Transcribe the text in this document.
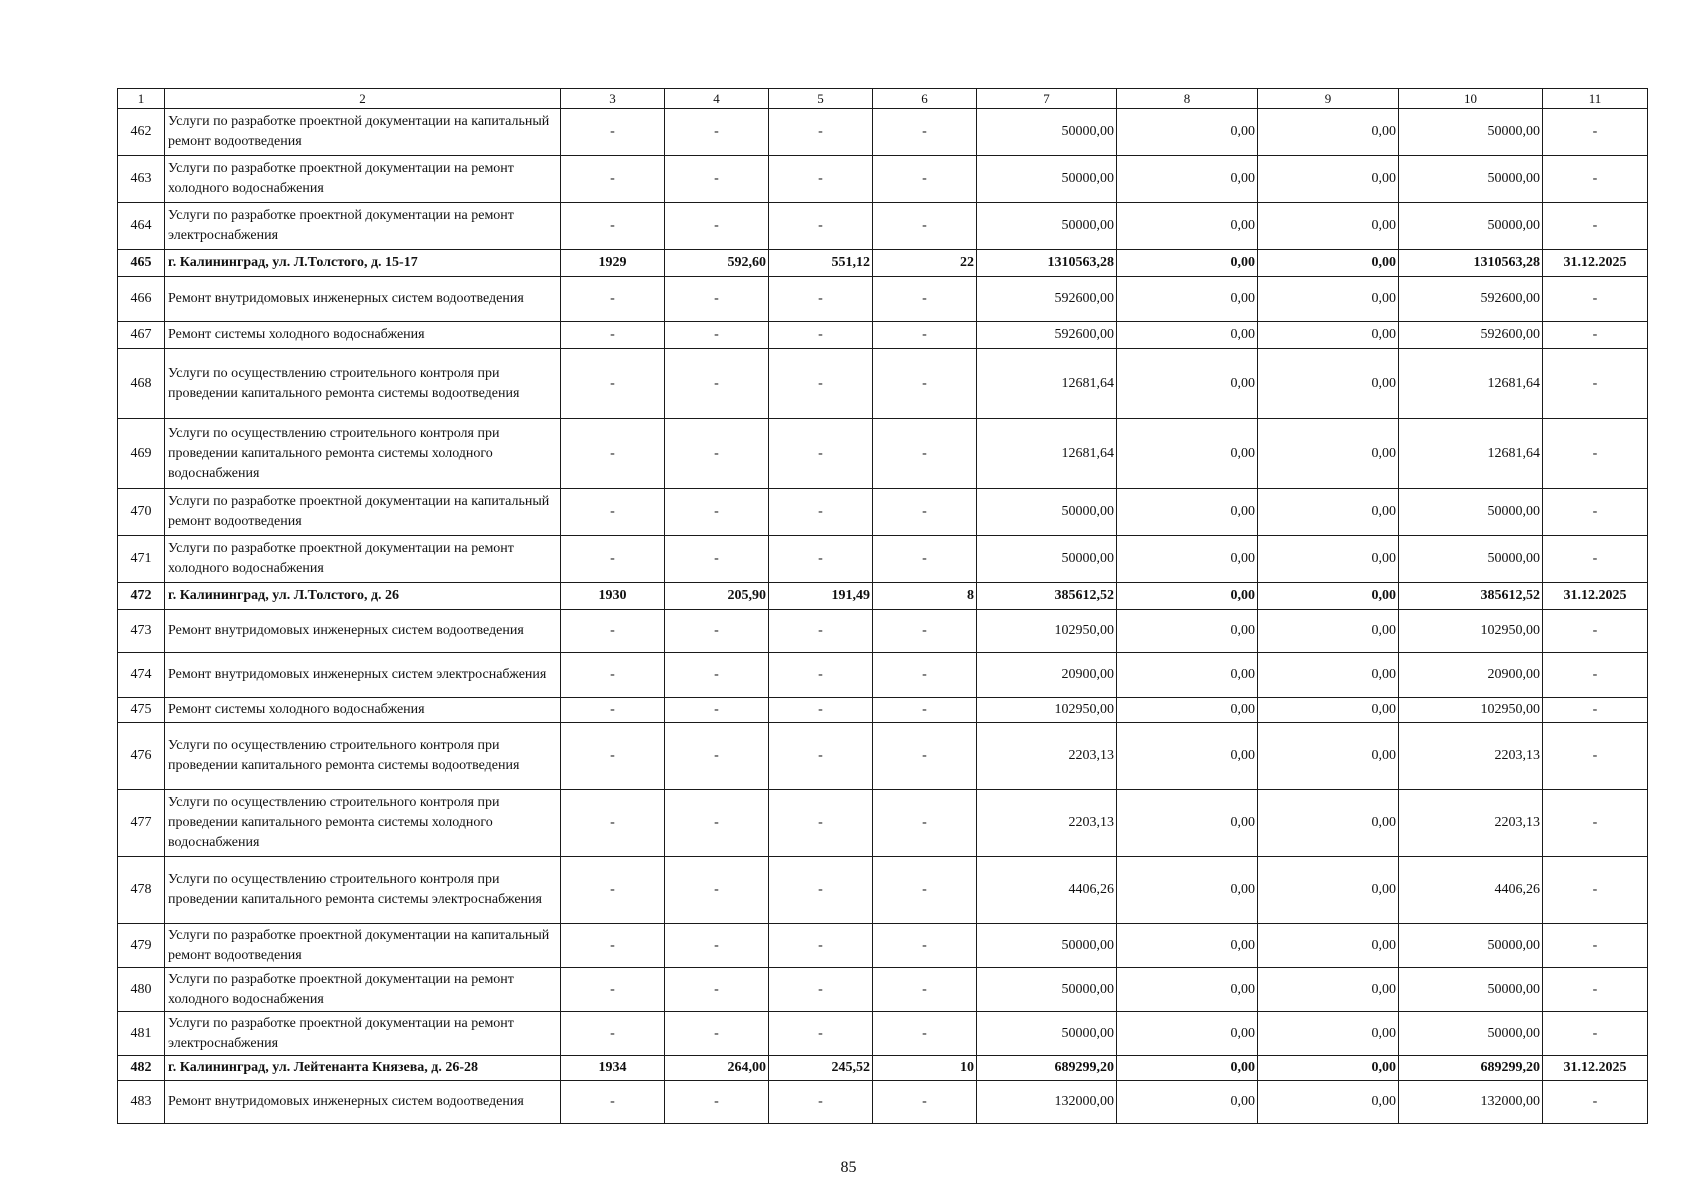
1	2	3	4	5	6	7	8	9	10	11
462	Услуги по разработке проектной документации на капитальный ремонт водоотведения	-	-	-	-	50000,00	0,00	0,00	50000,00	-
463	Услуги по разработке проектной документации на ремонт холодного водоснабжения	-	-	-	-	50000,00	0,00	0,00	50000,00	-
464	Услуги по разработке проектной документации на ремонт электроснабжения	-	-	-	-	50000,00	0,00	0,00	50000,00	-
465	г. Калининград, ул. Л.Толстого, д. 15-17	1929	592,60	551,12	22	1310563,28	0,00	0,00	1310563,28	31.12.2025
466	Ремонт внутридомовых инженерных систем водоотведения	-	-	-	-	592600,00	0,00	0,00	592600,00	-
467	Ремонт системы холодного водоснабжения	-	-	-	-	592600,00	0,00	0,00	592600,00	-
468	Услуги по осуществлению строительного контроля при проведении капитального ремонта системы водоотведения	-	-	-	-	12681,64	0,00	0,00	12681,64	-
469	Услуги по осуществлению строительного контроля при проведении капитального ремонта системы холодного водоснабжения	-	-	-	-	12681,64	0,00	0,00	12681,64	-
470	Услуги по разработке проектной документации на капитальный ремонт водоотведения	-	-	-	-	50000,00	0,00	0,00	50000,00	-
471	Услуги по разработке проектной документации на ремонт холодного водоснабжения	-	-	-	-	50000,00	0,00	0,00	50000,00	-
472	г. Калининград, ул. Л.Толстого, д. 26	1930	205,90	191,49	8	385612,52	0,00	0,00	385612,52	31.12.2025
473	Ремонт внутридомовых инженерных систем водоотведения	-	-	-	-	102950,00	0,00	0,00	102950,00	-
474	Ремонт внутридомовых инженерных систем электроснабжения	-	-	-	-	20900,00	0,00	0,00	20900,00	-
475	Ремонт системы холодного водоснабжения	-	-	-	-	102950,00	0,00	0,00	102950,00	-
476	Услуги по осуществлению строительного контроля при проведении капитального ремонта системы водоотведения	-	-	-	-	2203,13	0,00	0,00	2203,13	-
477	Услуги по осуществлению строительного контроля при проведении капитального ремонта системы холодного водоснабжения	-	-	-	-	2203,13	0,00	0,00	2203,13	-
478	Услуги по осуществлению строительного контроля при проведении капитального ремонта системы электроснабжения	-	-	-	-	4406,26	0,00	0,00	4406,26	-
479	Услуги по разработке проектной документации на капитальный ремонт водоотведения	-	-	-	-	50000,00	0,00	0,00	50000,00	-
480	Услуги по разработке проектной документации на ремонт холодного водоснабжения	-	-	-	-	50000,00	0,00	0,00	50000,00	-
481	Услуги по разработке проектной документации на ремонт электроснабжения	-	-	-	-	50000,00	0,00	0,00	50000,00	-
482	г. Калининград, ул. Лейтенанта Князева, д. 26-28	1934	264,00	245,52	10	689299,20	0,00	0,00	689299,20	31.12.2025
483	Ремонт внутридомовых инженерных систем водоотведения	-	-	-	-	132000,00	0,00	0,00	132000,00	-
85
